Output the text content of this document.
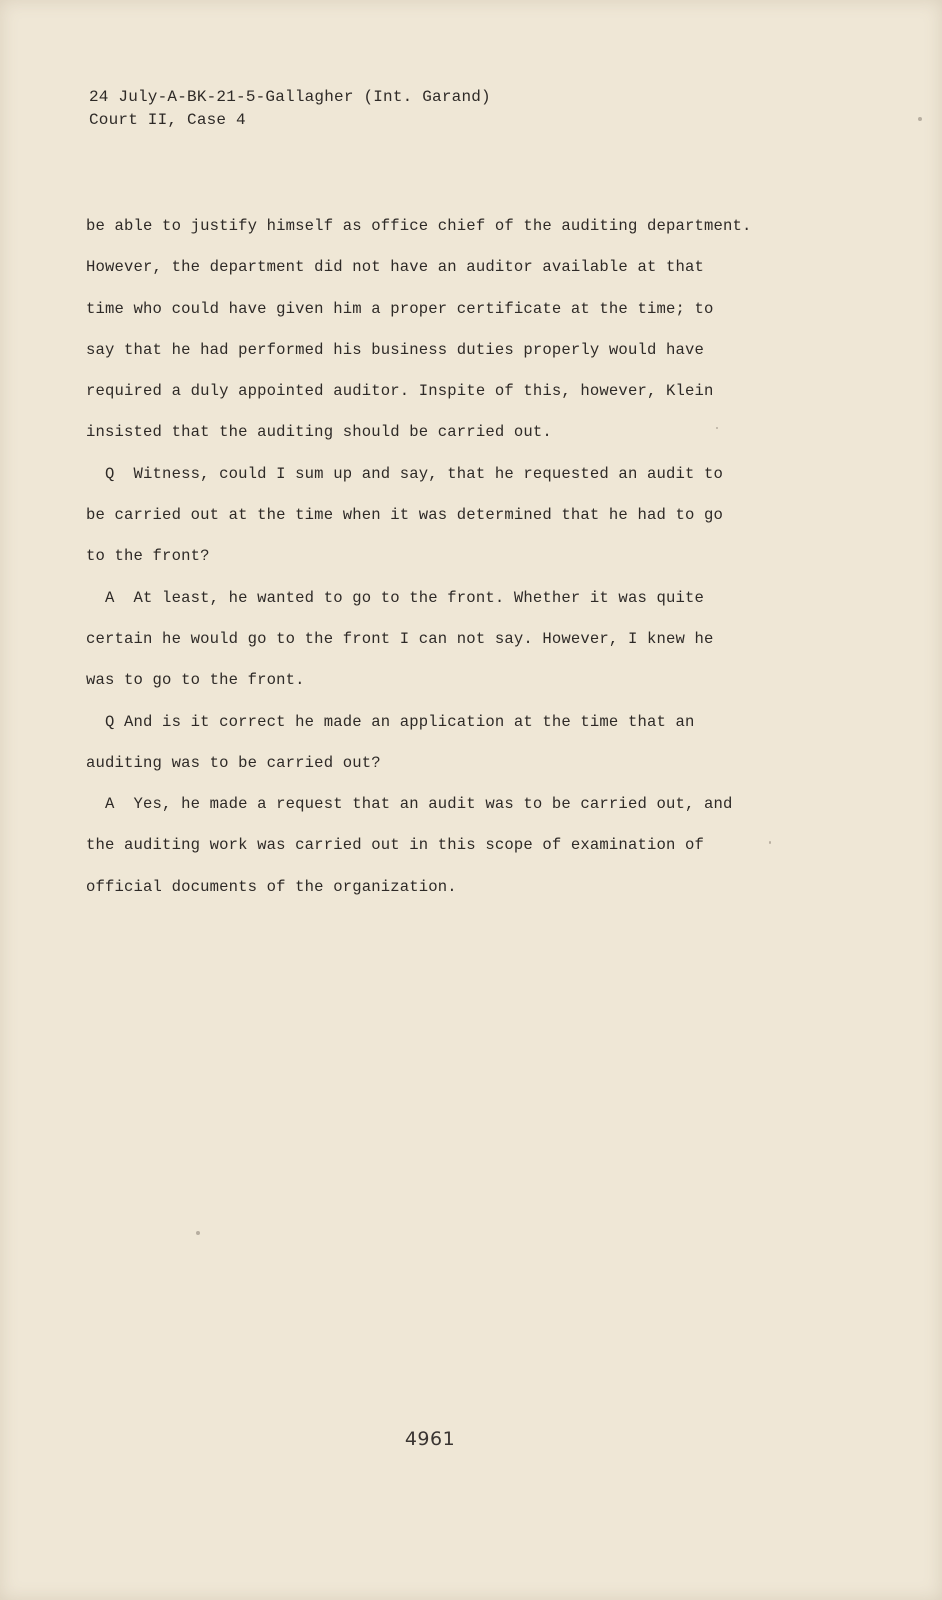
24 July-A-BK-21-5-Gallagher (Int. Garand)
Court II, Case 4
be able to justify himself as office chief of the auditing department.
However, the department did not have an auditor available at that
time who could have given him a proper certificate at the time; to
say that he had performed his business duties properly would have
required a duly appointed auditor. Inspite of this, however, Klein
insisted that the auditing should be carried out.
Q  Witness, could I sum up and say, that he requested an audit to
be carried out at the time when it was determined that he had to go
to the front?
A  At least, he wanted to go to the front. Whether it was quite
certain he would go to the front I can not say. However, I knew he
was to go to the front.
Q And is it correct he made an application at the time that an
auditing was to be carried out?
A  Yes, he made a request that an audit was to be carried out, and
the auditing work was carried out in this scope of examination of
official documents of the organization.
4961
